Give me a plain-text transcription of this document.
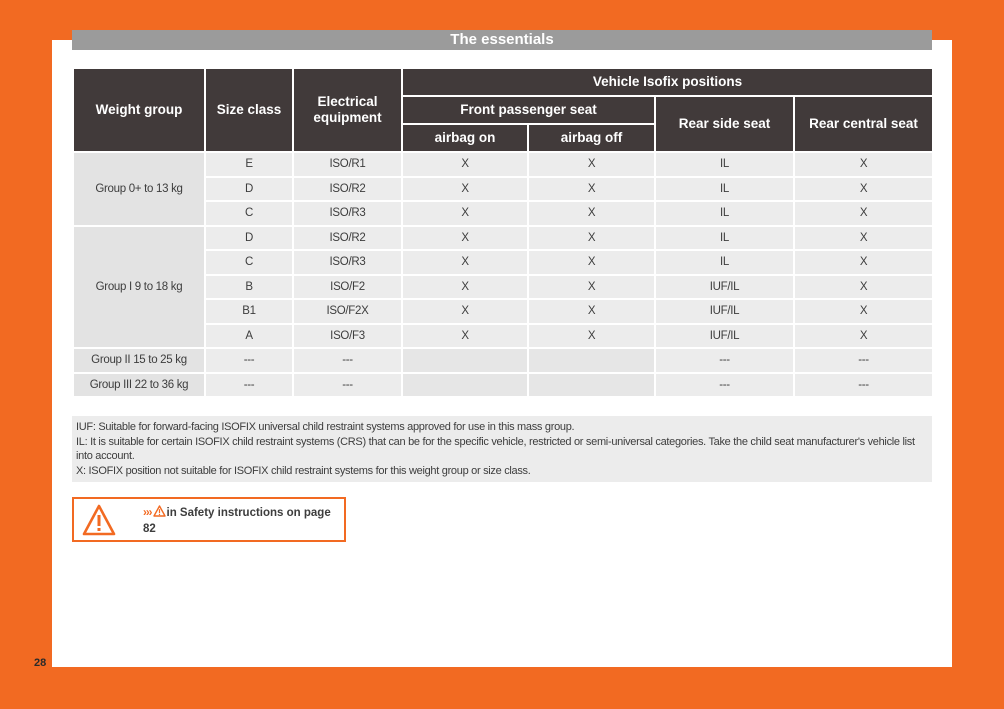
The essentials
Weight group	Size class	Electrical equipment	Vehicle Isofix positions			
			Front passenger seat		Rear side seat	Rear central seat
			airbag on	airbag off		
Group 0+ to 13 kg	E	ISO/R1	X	X	IL	X
	D	ISO/R2	X	X	IL	X
	C	ISO/R3	X	X	IL	X
Group I 9 to 18 kg	D	ISO/R2	X	X	IL	X
	C	ISO/R3	X	X	IL	X
	B	ISO/F2	X	X	IUF/IL	X
	B1	ISO/F2X	X	X	IUF/IL	X
	A	ISO/F3	X	X	IUF/IL	X
Group II 15 to 25 kg	---	---			---	---
Group III 22 to 36 kg	---	---			---	---

IUF: Suitable for forward-facing ISOFIX universal child restraint systems approved for use in this mass group.

IL: It is suitable for certain ISOFIX child restraint systems (CRS) that can be for the specific vehicle, restricted or semi-universal categories. Take the child seat manufacturer's vehicle list into account.

X: ISOFIX position not suitable for ISOFIX child restraint systems for this weight group or size class.

››› in Safety instructions on page 82
28
